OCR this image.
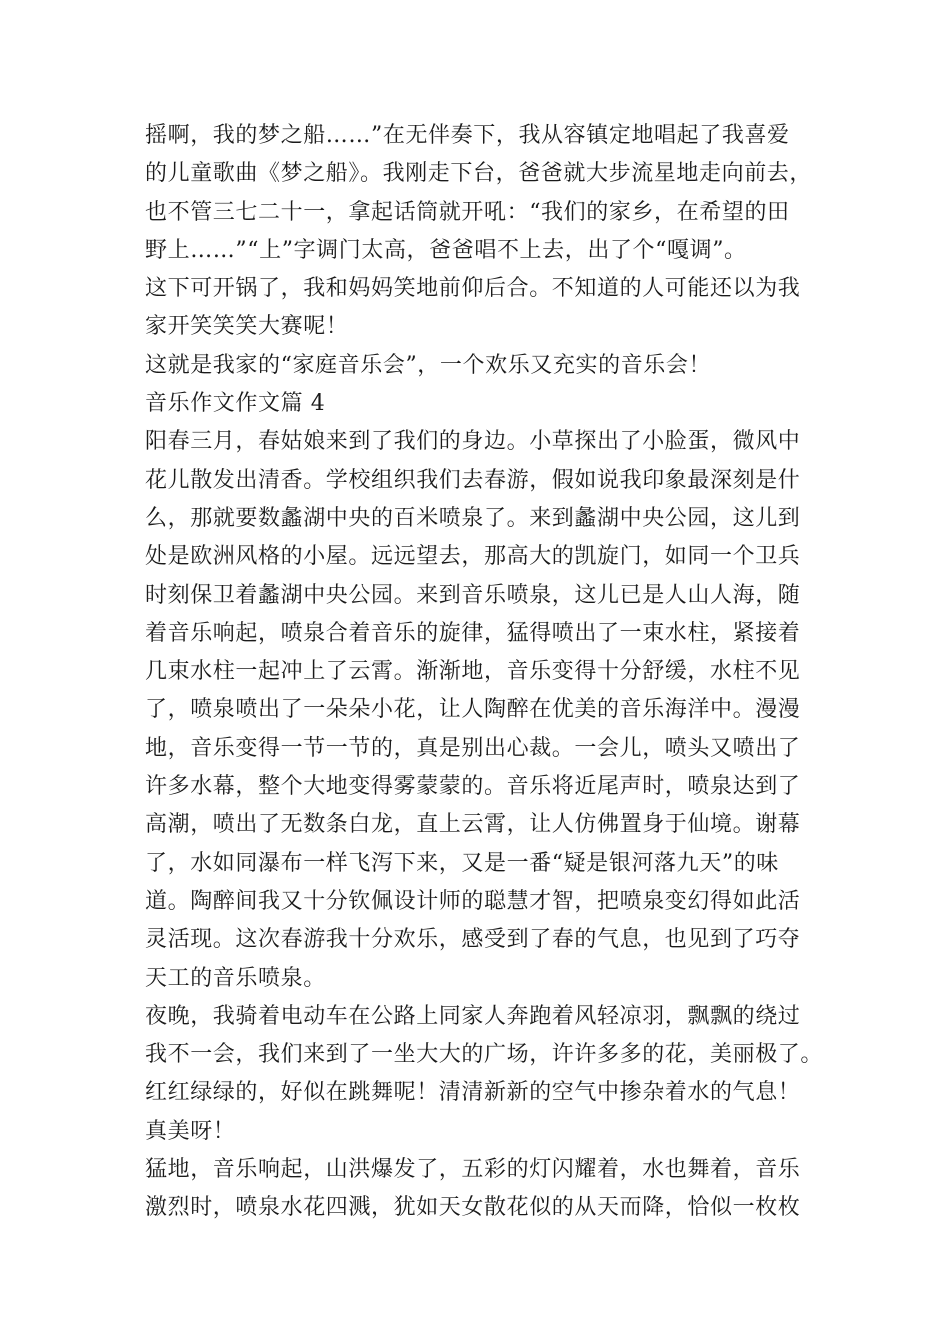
摇啊，我的梦之船……”在无伴奏下，我从容镇定地唱起了我喜爱
的儿童歌曲《梦之船》。我刚走下台，爸爸就大步流星地走向前去，
也不管三七二十一，拿起话筒就开吼：“我们的家乡，在希望的田
野上……”“上”字调门太高，爸爸唱不上去，出了个“嘎调”。
这下可开锅了，我和妈妈笑地前仰后合。不知道的人可能还以为我
家开笑笑笑大赛呢！
这就是我家的“家庭音乐会”，一个欢乐又充实的音乐会！
音乐作文作文篇 4
阳春三月，春姑娘来到了我们的身边。小草探出了小脸蛋，微风中
花儿散发出清香。学校组织我们去春游，假如说我印象最深刻是什
么，那就要数蠡湖中央的百米喷泉了。来到蠡湖中央公园，这儿到
处是欧洲风格的小屋。远远望去，那高大的凯旋门，如同一个卫兵
时刻保卫着蠡湖中央公园。来到音乐喷泉，这儿已是人山人海，随
着音乐响起，喷泉合着音乐的旋律，猛得喷出了一束水柱，紧接着
几束水柱一起冲上了云霄。渐渐地，音乐变得十分舒缓，水柱不见
了，喷泉喷出了一朵朵小花，让人陶醉在优美的音乐海洋中。漫漫
地，音乐变得一节一节的，真是别出心裁。一会儿，喷头又喷出了
许多水幕，整个大地变得雾蒙蒙的。音乐将近尾声时，喷泉达到了
高潮，喷出了无数条白龙，直上云霄，让人仿佛置身于仙境。谢幕
了，水如同瀑布一样飞泻下来，又是一番“疑是银河落九天”的味
道。陶醉间我又十分钦佩设计师的聪慧才智，把喷泉变幻得如此活
灵活现。这次春游我十分欢乐，感受到了春的气息，也见到了巧夺
天工的音乐喷泉。
夜晚，我骑着电动车在公路上同家人奔跑着风轻凉羽，飘飘的绕过
我不一会，我们来到了一坐大大的广场，许许多多的花，美丽极了。
红红绿绿的，好似在跳舞呢！清清新新的空气中掺杂着水的气息！
真美呀！
猛地，音乐响起，山洪爆发了，五彩的灯闪耀着，水也舞着，音乐
激烈时，喷泉水花四溅，犹如天女散花似的从天而降，恰似一枚枚
